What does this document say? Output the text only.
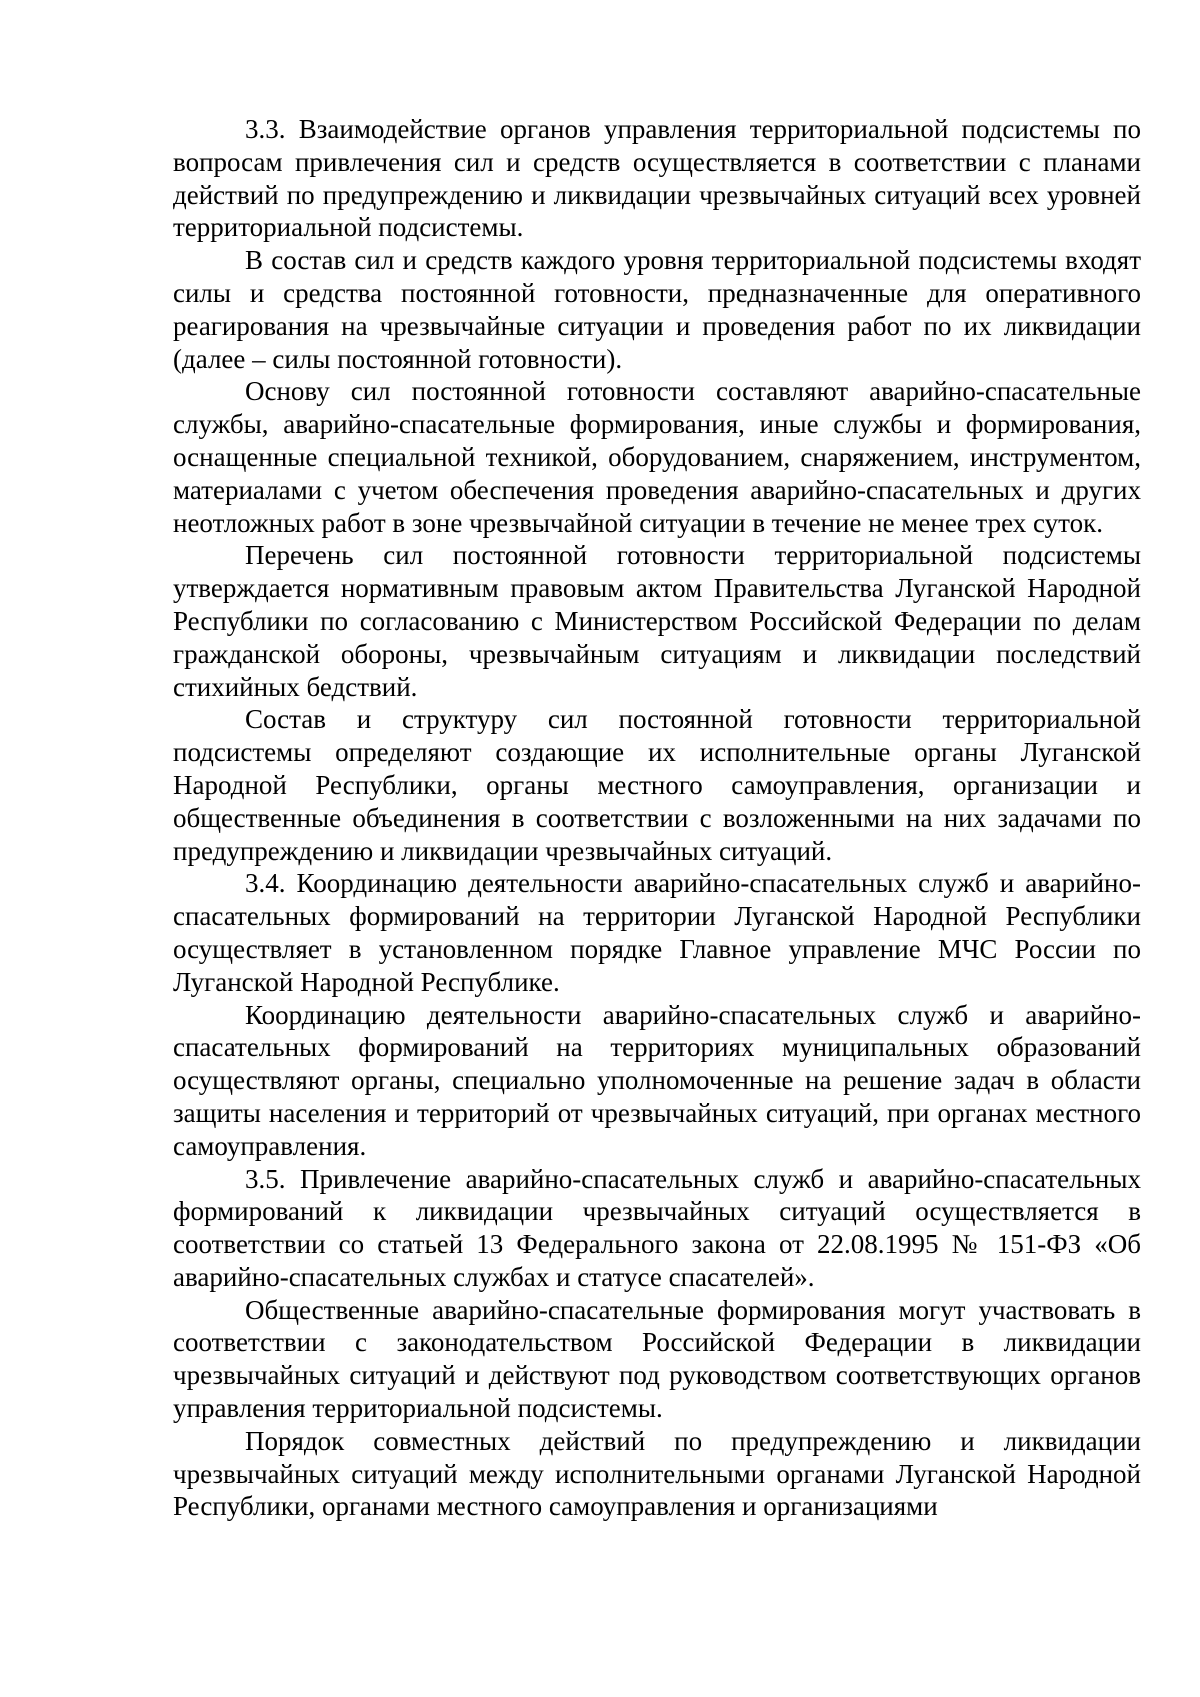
3.3. Взаимодействие органов управления территориальной подсистемы по вопросам привлечения сил и средств осуществляется в соответствии с планами действий по предупреждению и ликвидации чрезвычайных ситуаций всех уровней территориальной подсистемы.

В состав сил и средств каждого уровня территориальной подсистемы входят силы и средства постоянной готовности, предназначенные для оперативного реагирования на чрезвычайные ситуации и проведения работ по их ликвидации (далее – силы постоянной готовности).

Основу сил постоянной готовности составляют аварийно-спасательные службы, аварийно-спасательные формирования, иные службы и формирования, оснащенные специальной техникой, оборудованием, снаряжением, инструментом, материалами с учетом обеспечения проведения аварийно-спасательных и других неотложных работ в зоне чрезвычайной ситуации в течение не менее трех суток.

Перечень сил постоянной готовности территориальной подсистемы утверждается нормативным правовым актом Правительства Луганской Народной Республики по согласованию с Министерством Российской Федерации по делам гражданской обороны, чрезвычайным ситуациям и ликвидации последствий стихийных бедствий.

Состав и структуру сил постоянной готовности территориальной подсистемы определяют создающие их исполнительные органы Луганской Народной Республики, органы местного самоуправления, организации и общественные объединения в соответствии с возложенными на них задачами по предупреждению и ликвидации чрезвычайных ситуаций.

3.4. Координацию деятельности аварийно-спасательных служб и аварийно-спасательных формирований на территории Луганской Народной Республики осуществляет в установленном порядке Главное управление МЧС России по Луганской Народной Республике.

Координацию деятельности аварийно-спасательных служб и аварийно-спасательных формирований на территориях муниципальных образований осуществляют органы, специально уполномоченные на решение задач в области защиты населения и территорий от чрезвычайных ситуаций, при органах местного самоуправления.

3.5. Привлечение аварийно-спасательных служб и аварийно-спасательных формирований к ликвидации чрезвычайных ситуаций осуществляется в соответствии со статьей 13 Федерального закона от 22.08.1995 № 151-ФЗ «Об аварийно-спасательных службах и статусе спасателей».

Общественные аварийно-спасательные формирования могут участвовать в соответствии с законодательством Российской Федерации в ликвидации чрезвычайных ситуаций и действуют под руководством соответствующих органов управления территориальной подсистемы.

Порядок совместных действий по предупреждению и ликвидации чрезвычайных ситуаций между исполнительными органами Луганской Народной Республики, органами местного самоуправления и организациями
